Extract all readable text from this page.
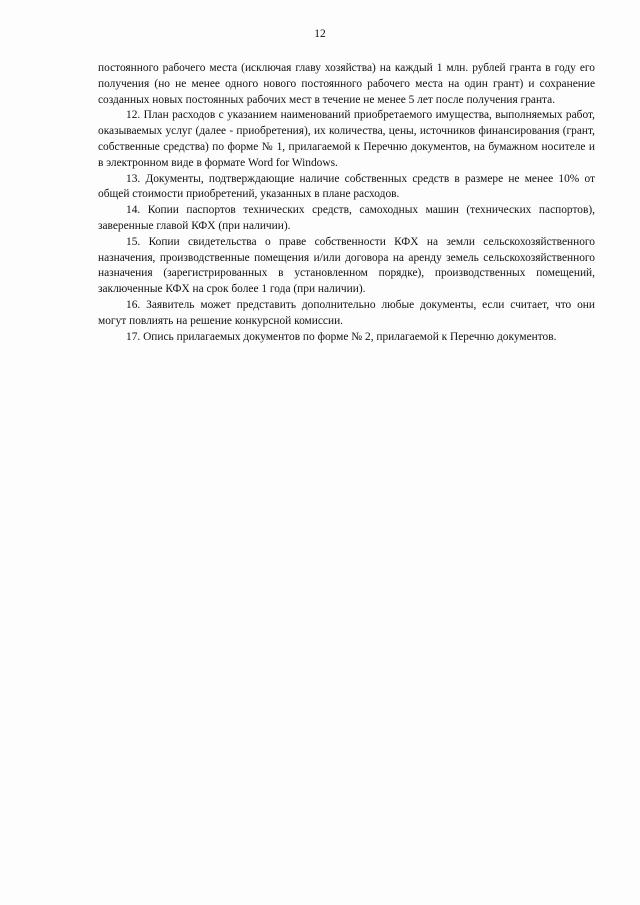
12

постоянного рабочего места (исключая главу хозяйства) на каждый 1 млн. рублей гранта в году его получения (но не менее одного нового постоянного рабочего места на один грант) и сохранение созданных новых постоянных рабочих мест в течение не менее 5 лет после получения гранта.

12. План расходов с указанием наименований приобретаемого имущества, выполняемых работ, оказываемых услуг (далее - приобретения), их количества, цены, источников финансирования (грант, собственные средства) по форме № 1, прилагаемой к Перечню документов, на бумажном носителе и в электронном виде в формате Word for Windows.

13. Документы, подтверждающие наличие собственных средств в размере не менее 10% от общей стоимости приобретений, указанных в плане расходов.

14. Копии паспортов технических средств, самоходных машин (технических паспортов), заверенные главой КФХ (при наличии).

15. Копии свидетельства о праве собственности КФХ на земли сельскохозяйственного назначения, производственные помещения и/или договора на аренду земель сельскохозяйственного назначения (зарегистрированных в установленном порядке), производственных помещений, заключенные КФХ на срок более 1 года (при наличии).

16. Заявитель может представить дополнительно любые документы, если считает, что они могут повлиять на решение конкурсной комиссии.

17. Опись прилагаемых документов по форме № 2, прилагаемой к Перечню документов.
